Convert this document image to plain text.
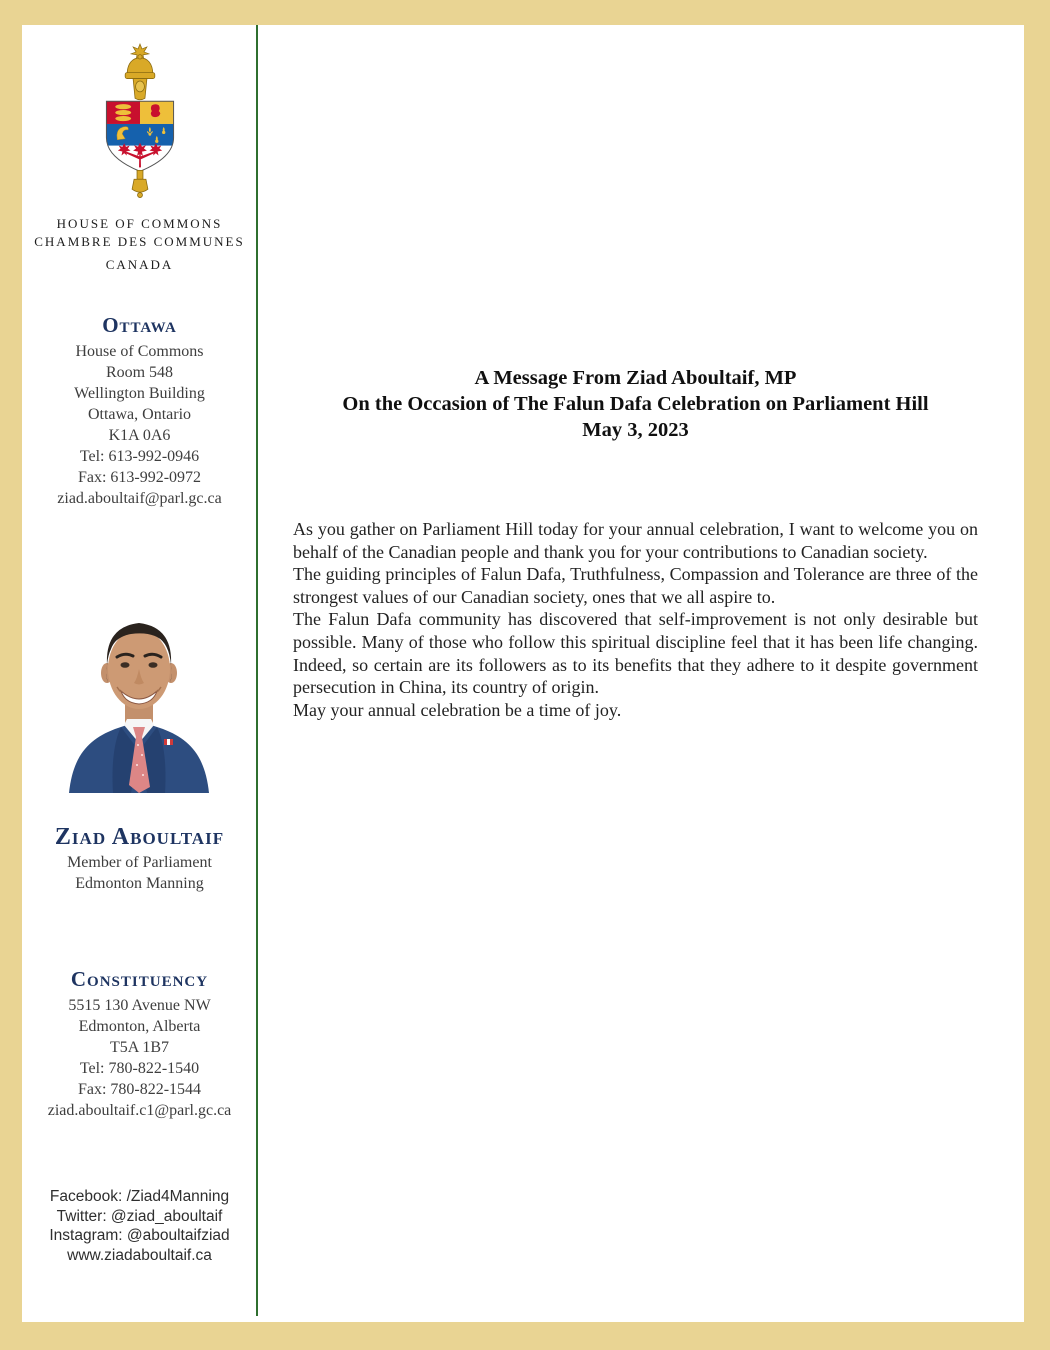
HOUSE OF COMMONS
CHAMBRE DES COMMUNES
CANADA
Ottawa
House of Commons
Room 548
Wellington Building
Ottawa, Ontario
K1A 0A6
Tel: 613-992-0946
Fax: 613-992-0972
ziad.aboultaif@parl.gc.ca
Ziad Aboultaif
Member of Parliament
Edmonton Manning
Constituency
5515 130 Avenue NW
Edmonton, Alberta
T5A 1B7
Tel: 780-822-1540
Fax: 780-822-1544
ziad.aboultaif.c1@parl.gc.ca
Facebook: /Ziad4Manning
Twitter: @ziad_aboultaif
Instagram: @aboultaifziad
www.ziadaboultaif.ca
A Message From Ziad Aboultaif, MP
On the Occasion of The Falun Dafa Celebration on Parliament Hill
May 3, 2023

As you gather on Parliament Hill today for your annual celebration, I want to welcome you on behalf of the Canadian people and thank you for your contributions to Canadian society.

The guiding principles of Falun Dafa, Truthfulness, Compassion and Tolerance are three of the strongest values of our Canadian society, ones that we all aspire to.

The Falun Dafa community has discovered that self-improvement is not only desirable but possible. Many of those who follow this spiritual discipline feel that it has been life changing. Indeed, so certain are its followers as to its benefits that they adhere to it despite government persecution in China, its country of origin.

May your annual celebration be a time of joy.
